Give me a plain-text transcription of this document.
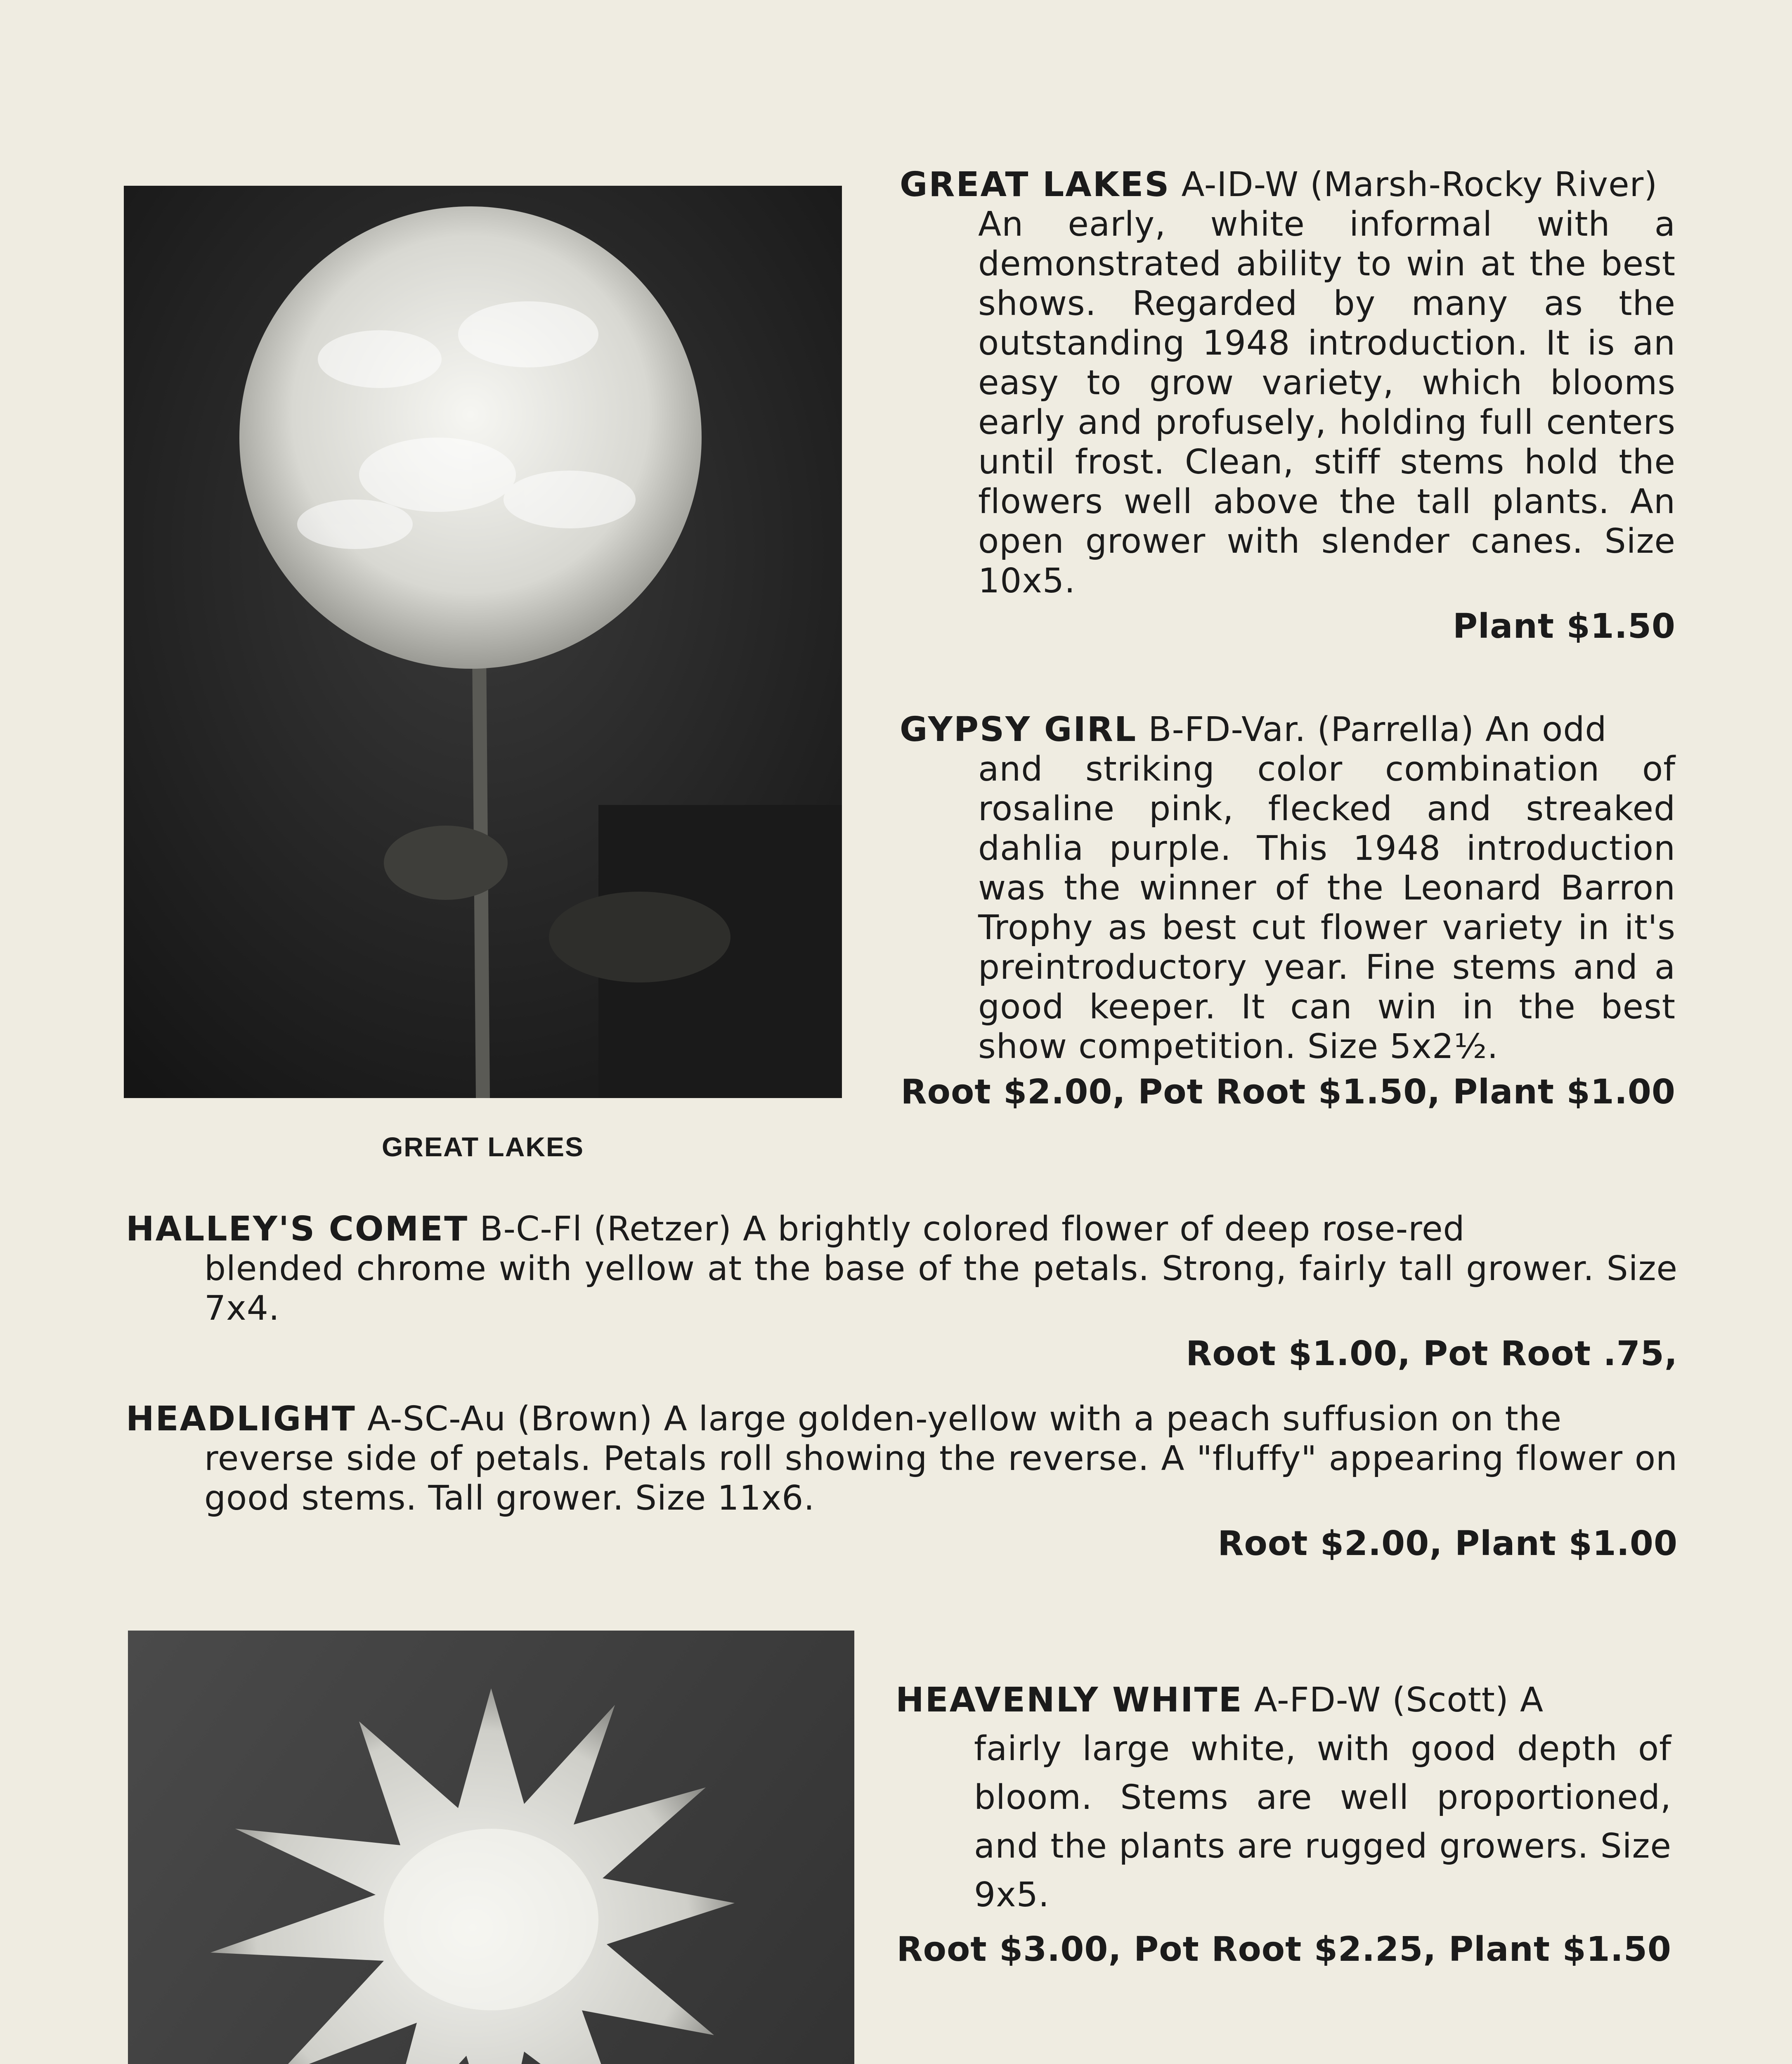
GREAT LAKES
GREAT LAKES A-ID-W (Marsh-Rocky River)
An early, white informal with a demonstrated ability to win at the best shows. Regarded by many as the outstanding 1948 introduction. It is an easy to grow variety, which blooms early and profusely, holding full centers until frost. Clean, stiff stems hold the flowers well above the tall plants. An open grower with slender canes. Size 10x5.
Plant $1.50
GYPSY GIRL B-FD-Var. (Parrella) An odd
and striking color combination of rosaline pink, flecked and streaked dahlia purple. This 1948 introduction was the winner of the Leonard Barron Trophy as best cut flower variety in it's preintroductory year. Fine stems and a good keeper. It can win in the best show competition. Size 5x2½.
Root $2.00, Pot Root $1.50, Plant $1.00
HALLEY'S COMET B-C-Fl (Retzer) A brightly colored flower of deep rose-red
blended chrome with yellow at the base of the petals. Strong, fairly tall grower. Size 7x4.
Root $1.00, Pot Root .75,
HEADLIGHT A-SC-Au (Brown) A large golden-yellow with a peach suffusion on the
reverse side of petals. Petals roll showing the reverse. A "fluffy" appearing flower on good stems. Tall grower. Size 11x6.
Root $2.00, Plant $1.00
HEAVENLY WHITE A-FD-W (Scott) A
fairly large white, with good depth of bloom. Stems are well proportioned, and the plants are rugged growers. Size 9x5.
Root $3.00, Pot Root $2.25, Plant $1.50
